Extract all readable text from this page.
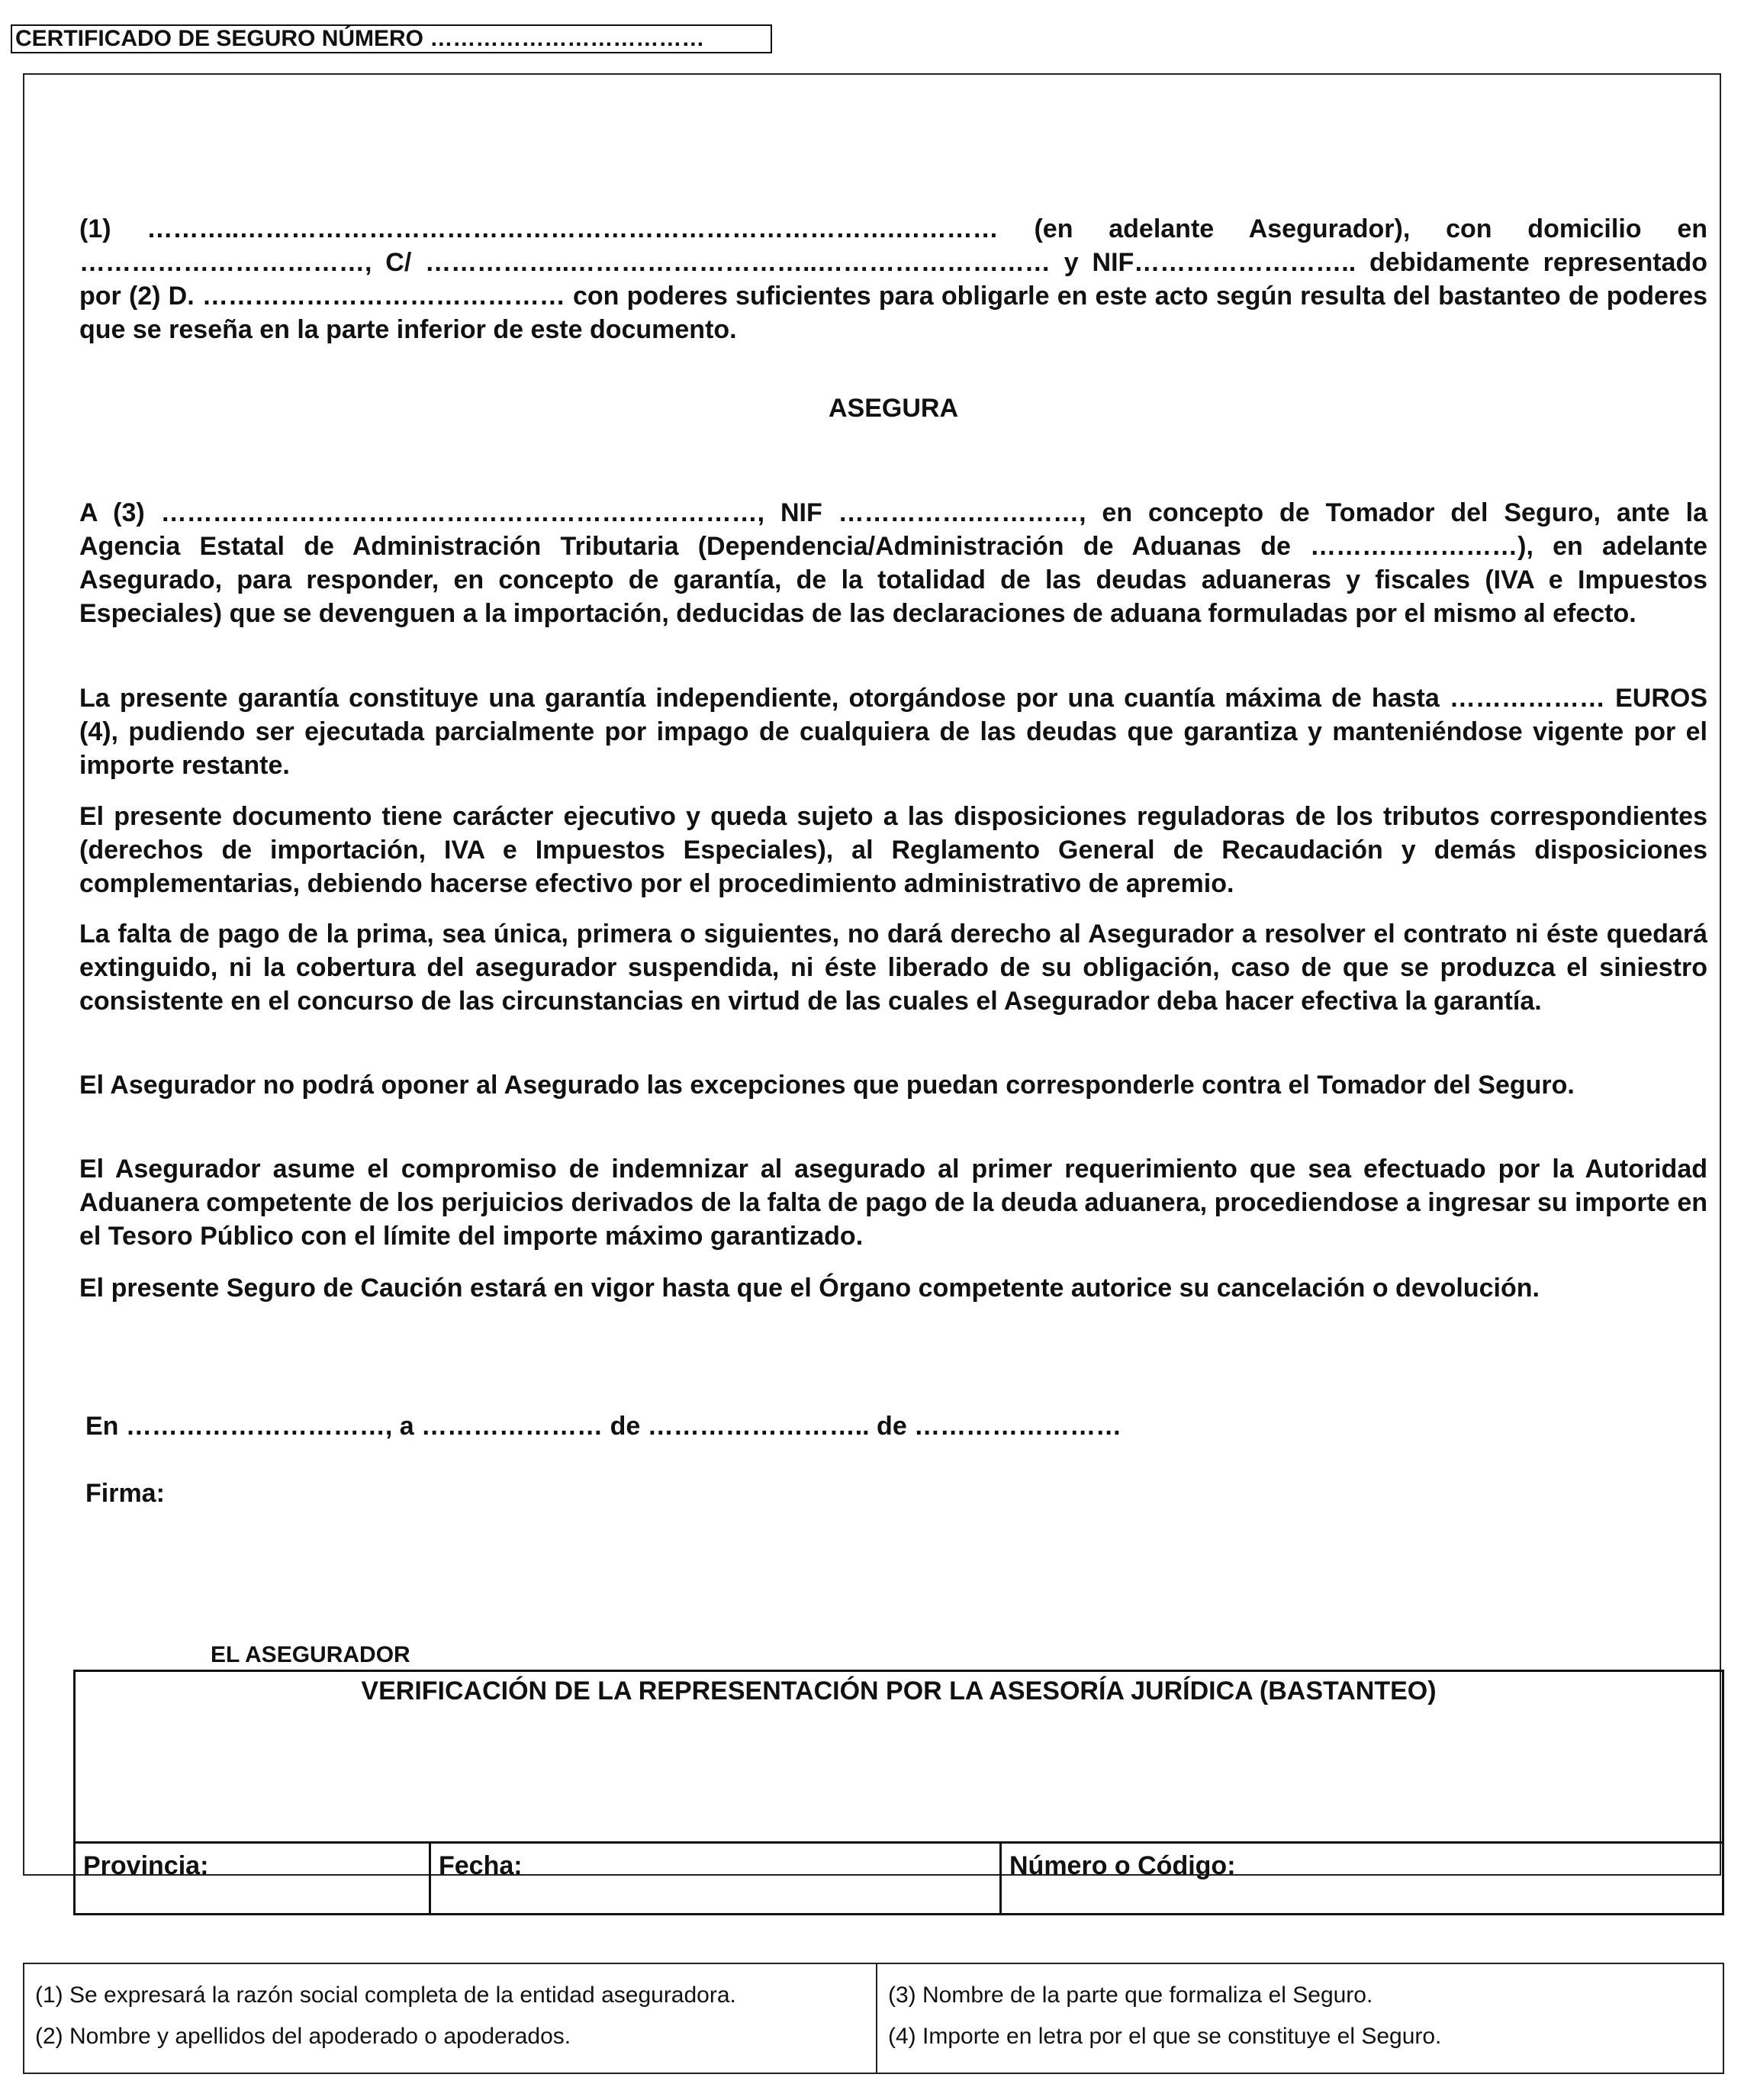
CERTIFICADO DE SEGURO NÚMERO ………………………………

(1) ………..………………………………………………………………….………… (en adelante Asegurador), con domicilio en ……………………………, C/ ……………..………………………..……………………… y NIF…………………….. debidamente representado por (2) D. …………………………………… con poderes suficientes para obligarle en este acto según resulta del bastanteo de poderes que se reseña en la parte inferior de este documento.

ASEGURA

A (3) ……………………………………………………………, NIF …………….…………, en concepto de Tomador del Seguro, ante la Agencia Estatal de Administración Tributaria (Dependencia/Administración de Aduanas de ……………………), en adelante Asegurado, para responder, en concepto de garantía, de la totalidad de las deudas aduaneras y fiscales (IVA e Impuestos Especiales) que se devenguen a la importación, deducidas de las declaraciones de aduana formuladas por el mismo al efecto.

La presente garantía constituye una garantía independiente, otorgándose por una cuantía máxima de hasta ……………… EUROS (4), pudiendo ser ejecutada parcialmente por impago de cualquiera de las deudas que garantiza y manteniéndose vigente por el importe restante.

El presente documento tiene carácter ejecutivo y queda sujeto a las disposiciones reguladoras de los tributos correspondientes (derechos de importación, IVA e Impuestos Especiales), al Reglamento General de Recaudación y demás disposiciones complementarias, debiendo hacerse efectivo por el procedimiento administrativo de apremio.

La falta de pago de la prima, sea única, primera o siguientes, no dará derecho al Asegurador a resolver el contrato ni éste quedará extinguido, ni la cobertura del asegurador suspendida, ni éste liberado de su obligación, caso de que se produzca el siniestro consistente en el concurso de las circunstancias en virtud de las cuales el Asegurador deba hacer efectiva la garantía.

El Asegurador no podrá oponer al Asegurado las excepciones que puedan corresponderle contra el Tomador del Seguro.

El Asegurador asume el compromiso de indemnizar al asegurado al primer requerimiento que sea efectuado por la Autoridad Aduanera competente de los perjuicios derivados de la falta de pago de la deuda aduanera, procediendose a ingresar su importe en el Tesoro Público con el límite del importe máximo garantizado.

El presente Seguro de Caución estará en vigor hasta que el Órgano competente autorice su cancelación o devolución.

En …………………………, a ………………… de …………………….. de ……………………
Firma:
EL ASEGURADOR
VERIFICACIÓN DE LA REPRESENTACIÓN POR LA ASESORÍA JURÍDICA (BASTANTEO)
Provincia:	Fecha:	Número o Código:
(1) Se expresará la razón social completa de la entidad aseguradora.
(2) Nombre y apellidos del apoderado o apoderados.
(3) Nombre de la parte que formaliza el Seguro.
(4) Importe en letra por el que se constituye el Seguro.
